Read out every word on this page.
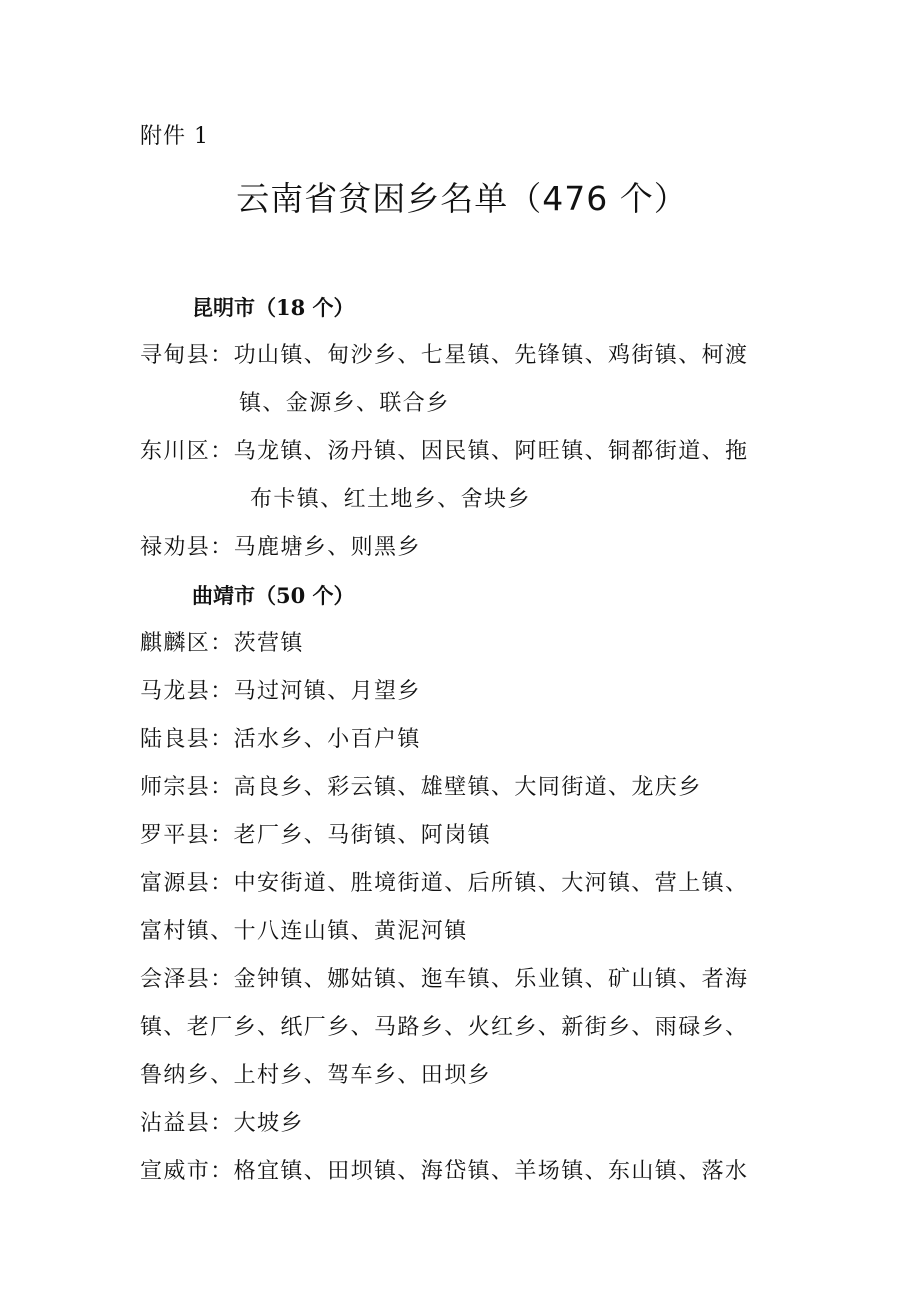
附件 1
云南省贫困乡名单（476 个）
昆明市（18 个）
寻甸县：功山镇、甸沙乡、七星镇、先锋镇、鸡街镇、柯渡
镇、金源乡、联合乡
东川区：乌龙镇、汤丹镇、因民镇、阿旺镇、铜都街道、拖
布卡镇、红土地乡、舍块乡
禄劝县：马鹿塘乡、则黑乡
曲靖市（50 个）
麒麟区：茨营镇
马龙县：马过河镇、月望乡
陆良县：活水乡、小百户镇
师宗县：高良乡、彩云镇、雄壁镇、大同街道、龙庆乡
罗平县：老厂乡、马街镇、阿岗镇
富源县：中安街道、胜境街道、后所镇、大河镇、营上镇、
富村镇、十八连山镇、黄泥河镇
会泽县：金钟镇、娜姑镇、迤车镇、乐业镇、矿山镇、者海
镇、老厂乡、纸厂乡、马路乡、火红乡、新街乡、雨碌乡、
鲁纳乡、上村乡、驾车乡、田坝乡
沾益县：大坡乡
宣威市：格宜镇、田坝镇、海岱镇、羊场镇、东山镇、落水
